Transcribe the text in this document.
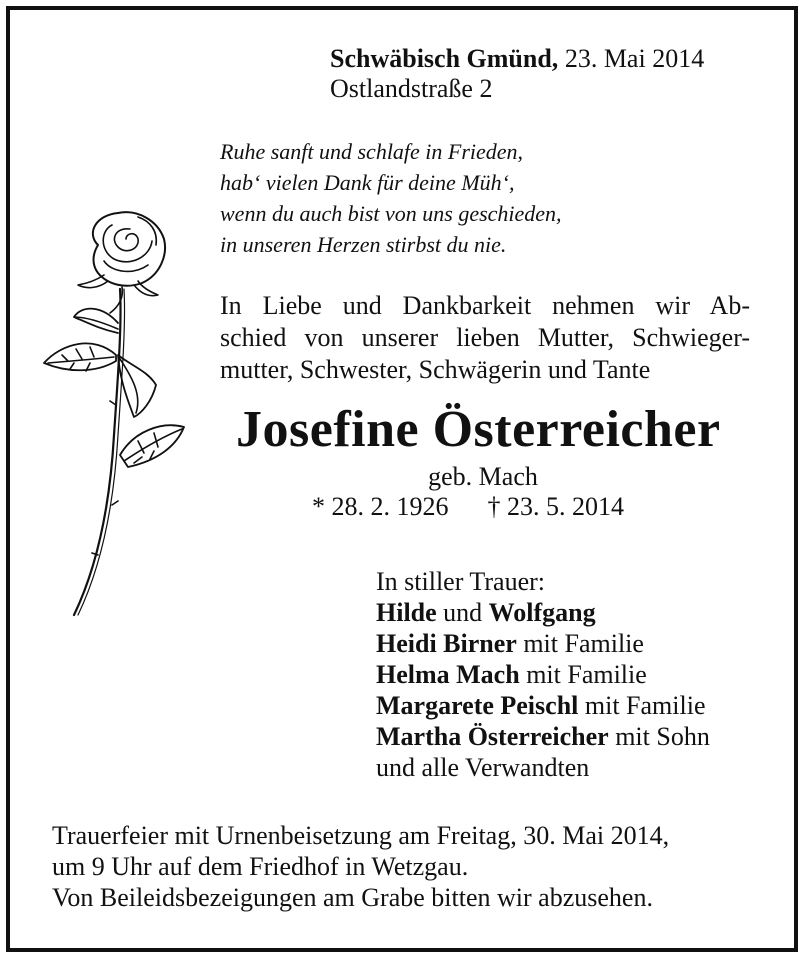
Schwäbisch Gmünd, 23. Mai 2014
Ostlandstraße 2
Ruhe sanft und schlafe in Frieden,
hab‘ vielen Dank für deine Müh‘,
wenn du auch bist von uns geschieden,
in unseren Herzen stirbst du nie.
In Liebe und Dankbarkeit nehmen wir Ab-
schied von unserer lieben Mutter, Schwieger-
mutter, Schwester, Schwägerin und Tante
Josefine Österreicher
geb. Mach
* 28. 2. 1926 † 23. 5. 2014
In stiller Trauer:
Hilde und Wolfgang
Heidi Birner mit Familie
Helma Mach mit Familie
Margarete Peischl mit Familie
Martha Österreicher mit Sohn
und alle Verwandten
Trauerfeier mit Urnenbeisetzung am Freitag, 30. Mai 2014,
um 9 Uhr auf dem Friedhof in Wetzgau.
Von Beileidsbezeigungen am Grabe bitten wir abzusehen.
